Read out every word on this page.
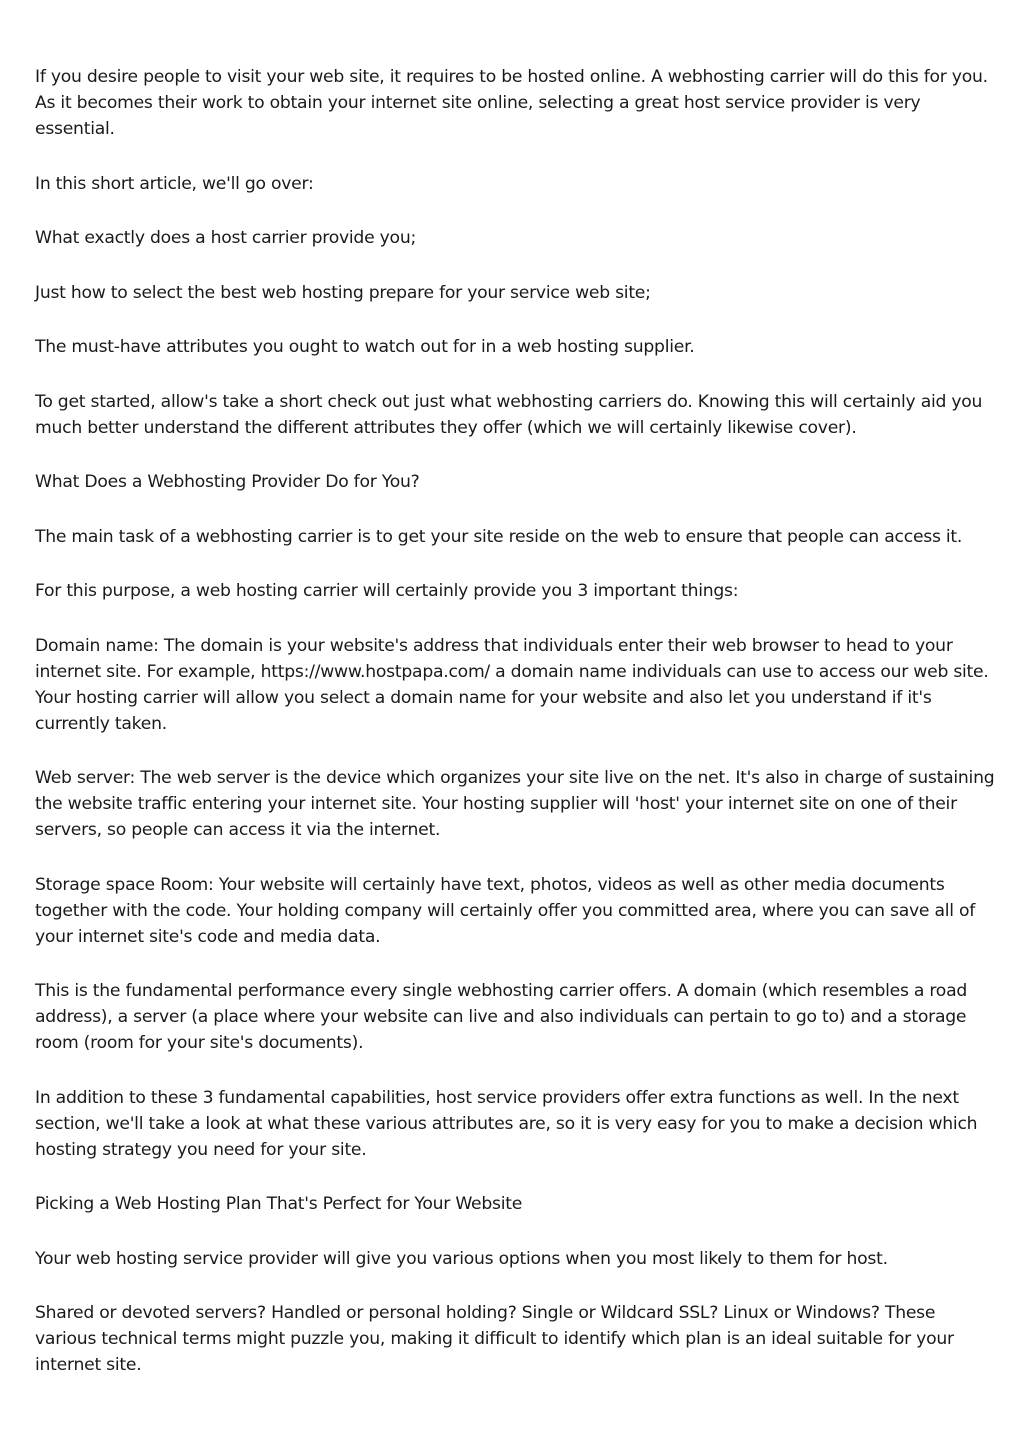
If you desire people to visit your web site, it requires to be hosted online. A webhosting carrier will do this for you. As it becomes their work to obtain your internet site online, selecting a great host service provider is very essential.

In this short article, we'll go over:

What exactly does a host carrier provide you;

Just how to select the best web hosting prepare for your service web site;

The must-have attributes you ought to watch out for in a web hosting supplier.

To get started, allow's take a short check out just what webhosting carriers do. Knowing this will certainly aid you much better understand the different attributes they offer (which we will certainly likewise cover).

What Does a Webhosting Provider Do for You?

The main task of a webhosting carrier is to get your site reside on the web to ensure that people can access it.

For this purpose, a web hosting carrier will certainly provide you 3 important things:

Domain name: The domain is your website's address that individuals enter their web browser to head to your internet site. For example, https://www.hostpapa.com/ a domain name individuals can use to access our web site. Your hosting carrier will allow you select a domain name for your website and also let you understand if it's currently taken.

Web server: The web server is the device which organizes your site live on the net. It's also in charge of sustaining the website traffic entering your internet site. Your hosting supplier will 'host' your internet site on one of their servers, so people can access it via the internet.

Storage space Room: Your website will certainly have text, photos, videos as well as other media documents together with the code. Your holding company will certainly offer you committed area, where you can save all of your internet site's code and media data.

This is the fundamental performance every single webhosting carrier offers. A domain (which resembles a road address), a server (a place where your website can live and also individuals can pertain to go to) and a storage room (room for your site's documents).

In addition to these 3 fundamental capabilities, host service providers offer extra functions as well. In the next section, we'll take a look at what these various attributes are, so it is very easy for you to make a decision which hosting strategy you need for your site.

Picking a Web Hosting Plan That's Perfect for Your Website

Your web hosting service provider will give you various options when you most likely to them for host.

Shared or devoted servers? Handled or personal holding? Single or Wildcard SSL? Linux or Windows? These various technical terms might puzzle you, making it difficult to identify which plan is an ideal suitable for your internet site.
